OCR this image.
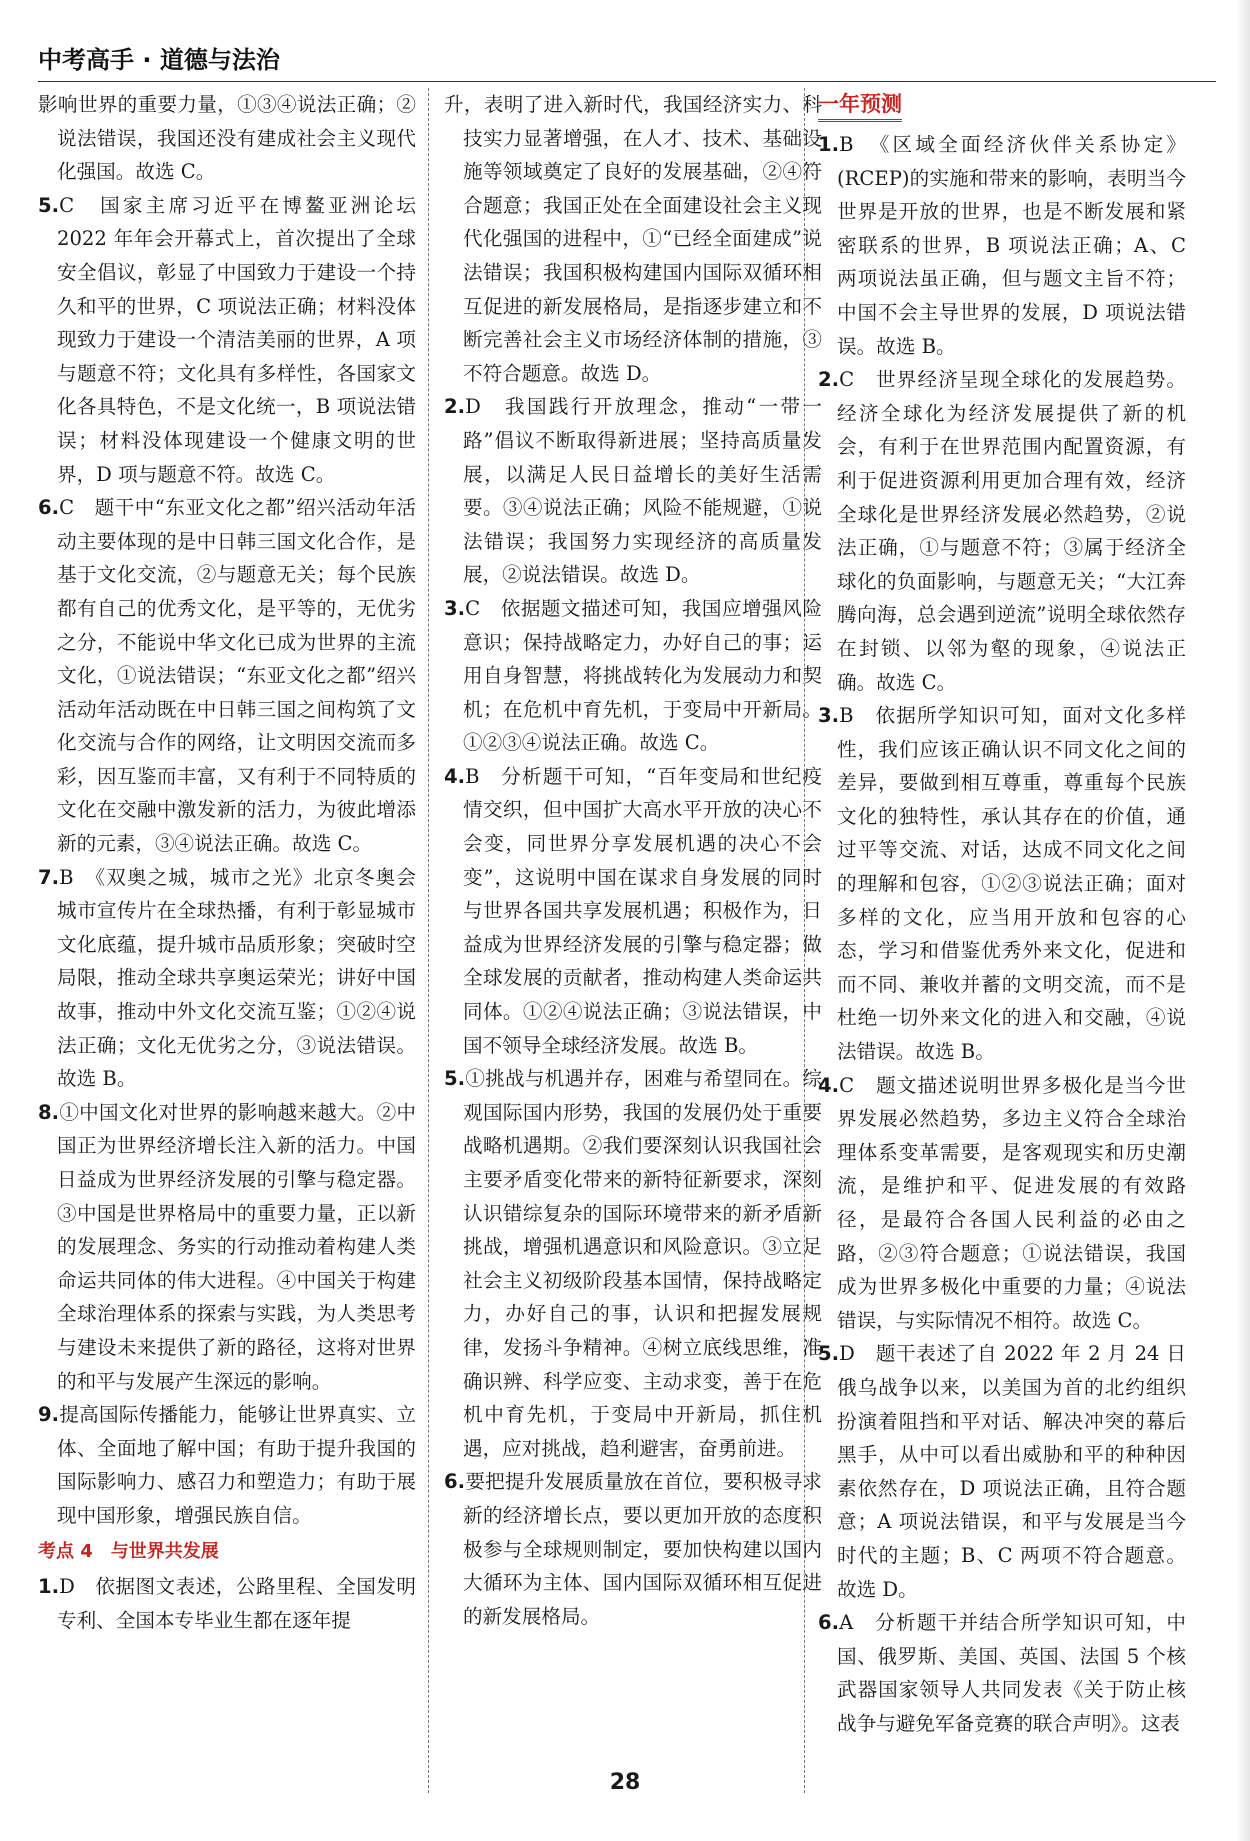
中考高手 · 道德与法治

影响世界的重要力量，①③④说法正确；②说法错误，我国还没有建成社会主义现代化强国。故选 C。

5.C　国家主席习近平在博鳌亚洲论坛 2022 年年会开幕式上，首次提出了全球安全倡议，彰显了中国致力于建设一个持久和平的世界，C 项说法正确；材料没体现致力于建设一个清洁美丽的世界，A 项与题意不符；文化具有多样性，各国家文化各具特色，不是文化统一，B 项说法错误；材料没体现建设一个健康文明的世界，D 项与题意不符。故选 C。

6.C　题干中“东亚文化之都”绍兴活动年活动主要体现的是中日韩三国文化合作，是基于文化交流，②与题意无关；每个民族都有自己的优秀文化，是平等的，无优劣之分，不能说中华文化已成为世界的主流文化，①说法错误；“东亚文化之都”绍兴活动年活动既在中日韩三国之间构筑了文化交流与合作的网络，让文明因交流而多彩，因互鉴而丰富，又有利于不同特质的文化在交融中激发新的活力，为彼此增添新的元素，③④说法正确。故选 C。

7.B　《双奥之城，城市之光》北京冬奥会城市宣传片在全球热播，有利于彰显城市文化底蕴，提升城市品质形象；突破时空局限，推动全球共享奥运荣光；讲好中国故事，推动中外文化交流互鉴；①②④说法正确；文化无优劣之分，③说法错误。故选 B。

8.①中国文化对世界的影响越来越大。②中国正为世界经济增长注入新的活力。中国日益成为世界经济发展的引擎与稳定器。③中国是世界格局中的重要力量，正以新的发展理念、务实的行动推动着构建人类命运共同体的伟大进程。④中国关于构建全球治理体系的探索与实践，为人类思考与建设未来提供了新的路径，这将对世界的和平与发展产生深远的影响。

9.提高国际传播能力，能够让世界真实、立体、全面地了解中国；有助于提升我国的国际影响力、感召力和塑造力；有助于展现中国形象，增强民族自信。

考点 4　与世界共发展

1.D　依据图文表述，公路里程、全国发明专利、全国本专毕业生都在逐年提

升，表明了进入新时代，我国经济实力、科技实力显著增强，在人才、技术、基础设施等领域奠定了良好的发展基础，②④符合题意；我国正处在全面建设社会主义现代化强国的进程中，①“已经全面建成”说法错误；我国积极构建国内国际双循环相互促进的新发展格局，是指逐步建立和不断完善社会主义市场经济体制的措施，③不符合题意。故选 D。

2.D　我国践行开放理念，推动“一带一路”倡议不断取得新进展；坚持高质量发展，以满足人民日益增长的美好生活需要。③④说法正确；风险不能规避，①说法错误；我国努力实现经济的高质量发展，②说法错误。故选 D。

3.C　依据题文描述可知，我国应增强风险意识；保持战略定力，办好自己的事；运用自身智慧，将挑战转化为发展动力和契机；在危机中育先机，于变局中开新局。①②③④说法正确。故选 C。

4.B　分析题干可知，“百年变局和世纪疫情交织，但中国扩大高水平开放的决心不会变，同世界分享发展机遇的决心不会变”，这说明中国在谋求自身发展的同时与世界各国共享发展机遇；积极作为，日益成为世界经济发展的引擎与稳定器；做全球发展的贡献者，推动构建人类命运共同体。①②④说法正确；③说法错误，中国不领导全球经济发展。故选 B。

5.①挑战与机遇并存，困难与希望同在。综观国际国内形势，我国的发展仍处于重要战略机遇期。②我们要深刻认识我国社会主要矛盾变化带来的新特征新要求，深刻认识错综复杂的国际环境带来的新矛盾新挑战，增强机遇意识和风险意识。③立足社会主义初级阶段基本国情，保持战略定力，办好自己的事，认识和把握发展规律，发扬斗争精神。④树立底线思维，准确识辨、科学应变、主动求变，善于在危机中育先机，于变局中开新局，抓住机遇，应对挑战，趋利避害，奋勇前进。

6.要把提升发展质量放在首位，要积极寻求新的经济增长点，要以更加开放的态度积极参与全球规则制定，要加快构建以国内大循环为主体、国内国际双循环相互促进的新发展格局。

一年预测

1.B　《区域全面经济伙伴关系协定》(RCEP)的实施和带来的影响，表明当今世界是开放的世界，也是不断发展和紧密联系的世界，B 项说法正确；A、C 两项说法虽正确，但与题文主旨不符；中国不会主导世界的发展，D 项说法错误。故选 B。

2.C　世界经济呈现全球化的发展趋势。经济全球化为经济发展提供了新的机会，有利于在世界范围内配置资源，有利于促进资源利用更加合理有效，经济全球化是世界经济发展必然趋势，②说法正确，①与题意不符；③属于经济全球化的负面影响，与题意无关；“大江奔腾向海，总会遇到逆流”说明全球依然存在封锁、以邻为壑的现象，④说法正确。故选 C。

3.B　依据所学知识可知，面对文化多样性，我们应该正确认识不同文化之间的差异，要做到相互尊重，尊重每个民族文化的独特性，承认其存在的价值，通过平等交流、对话，达成不同文化之间的理解和包容，①②③说法正确；面对多样的文化，应当用开放和包容的心态，学习和借鉴优秀外来文化，促进和而不同、兼收并蓄的文明交流，而不是杜绝一切外来文化的进入和交融，④说法错误。故选 B。

4.C　题文描述说明世界多极化是当今世界发展必然趋势，多边主义符合全球治理体系变革需要，是客观现实和历史潮流，是维护和平、促进发展的有效路径，是最符合各国人民利益的必由之路，②③符合题意；①说法错误，我国成为世界多极化中重要的力量；④说法错误，与实际情况不相符。故选 C。

5.D　题干表述了自 2022 年 2 月 24 日俄乌战争以来，以美国为首的北约组织扮演着阻挡和平对话、解决冲突的幕后黑手，从中可以看出威胁和平的种种因素依然存在，D 项说法正确，且符合题意；A 项说法错误，和平与发展是当今时代的主题；B、C 两项不符合题意。故选 D。

6.A　分析题干并结合所学知识可知，中国、俄罗斯、美国、英国、法国 5 个核武器国家领导人共同发表《关于防止核战争与避免军备竞赛的联合声明》。这表

28
